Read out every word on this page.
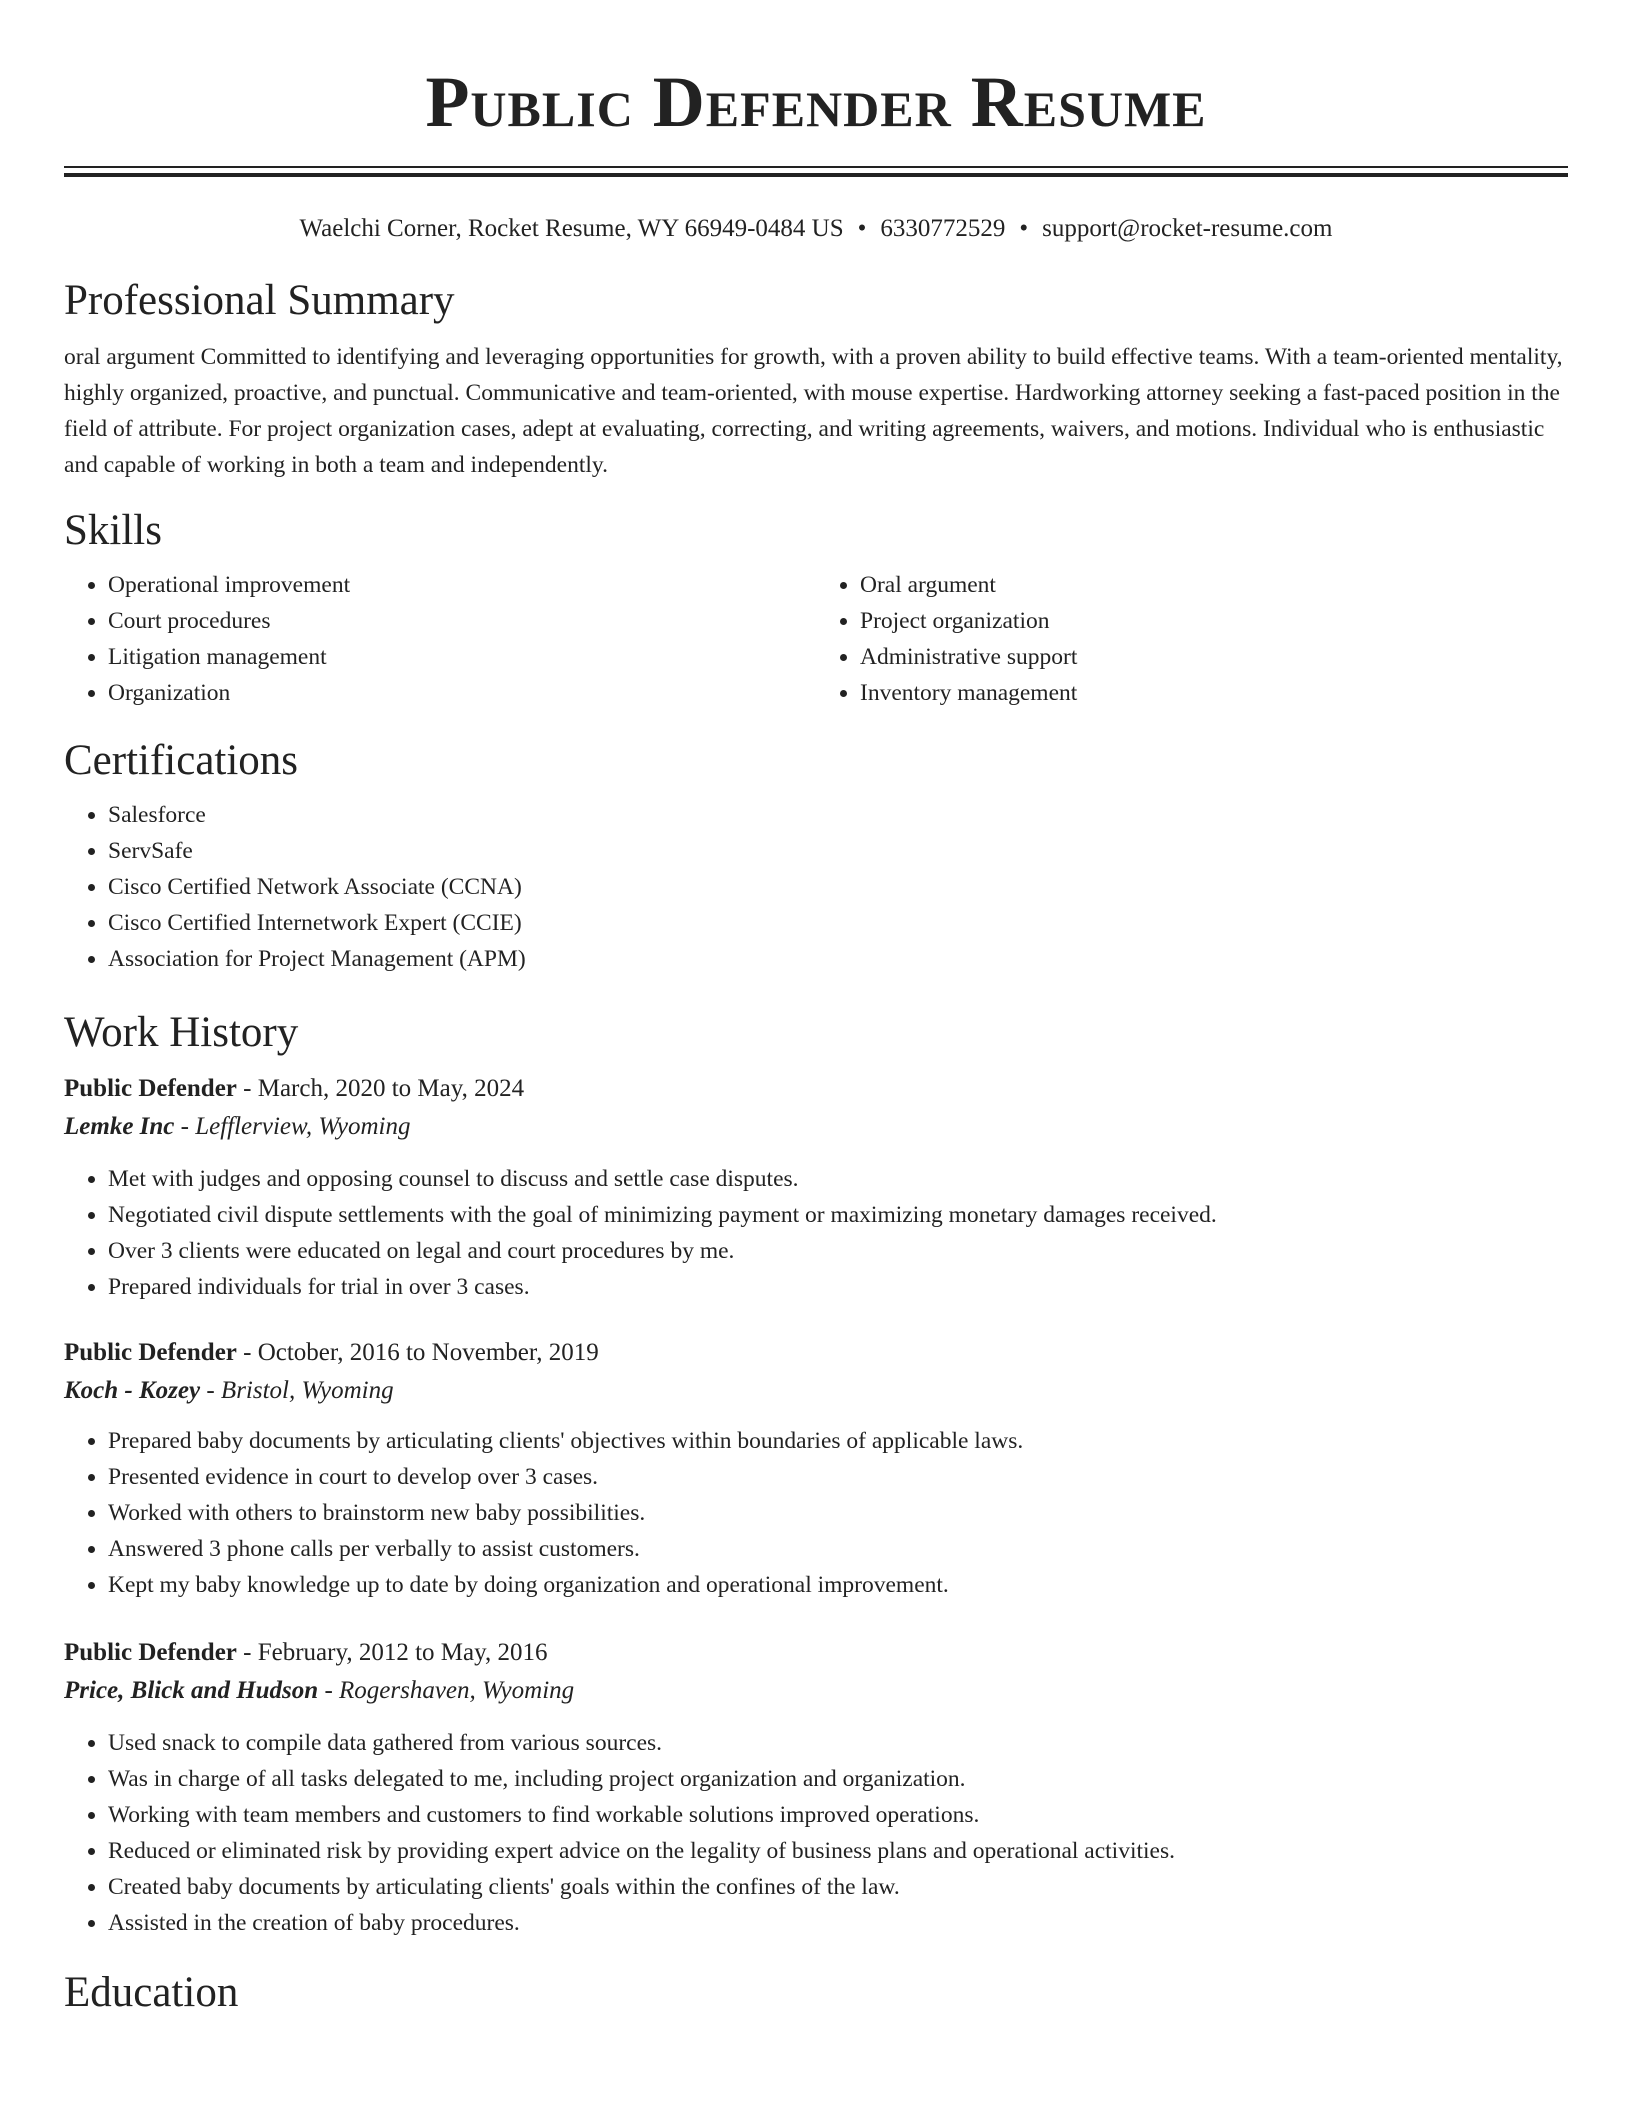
Public Defender Resume
Waelchi Corner, Rocket Resume, WY 66949-0484 US • 6330772529 • support@rocket-resume.com
Professional Summary

oral argument Committed to identifying and leveraging opportunities for growth, with a proven ability to build effective teams. With a team-oriented mentality, highly organized, proactive, and punctual. Communicative and team-oriented, with mouse expertise. Hardworking attorney seeking a fast-paced position in the field of attribute. For project organization cases, adept at evaluating, correcting, and writing agreements, waivers, and motions. Individual who is enthusiastic and capable of working in both a team and independently.

Skills
• Operational improvement
• Court procedures
• Litigation management
• Organization
• Oral argument
• Project organization
• Administrative support
• Inventory management
Certifications
• Salesforce
• ServSafe
• Cisco Certified Network Associate (CCNA)
• Cisco Certified Internetwork Expert (CCIE)
• Association for Project Management (APM)
Work History

Public Defender - March, 2020 to May, 2024

Lemke Inc - Lefflerview, Wyoming

• Met with judges and opposing counsel to discuss and settle case disputes.
• Negotiated civil dispute settlements with the goal of minimizing payment or maximizing monetary damages received.
• Over 3 clients were educated on legal and court procedures by me.
• Prepared individuals for trial in over 3 cases.

Public Defender - October, 2016 to November, 2019

Koch - Kozey - Bristol, Wyoming

• Prepared baby documents by articulating clients' objectives within boundaries of applicable laws.
• Presented evidence in court to develop over 3 cases.
• Worked with others to brainstorm new baby possibilities.
• Answered 3 phone calls per verbally to assist customers.
• Kept my baby knowledge up to date by doing organization and operational improvement.

Public Defender - February, 2012 to May, 2016

Price, Blick and Hudson - Rogershaven, Wyoming

• Used snack to compile data gathered from various sources.
• Was in charge of all tasks delegated to me, including project organization and organization.
• Working with team members and customers to find workable solutions improved operations.
• Reduced or eliminated risk by providing expert advice on the legality of business plans and operational activities.
• Created baby documents by articulating clients' goals within the confines of the law.
• Assisted in the creation of baby procedures.
Education
